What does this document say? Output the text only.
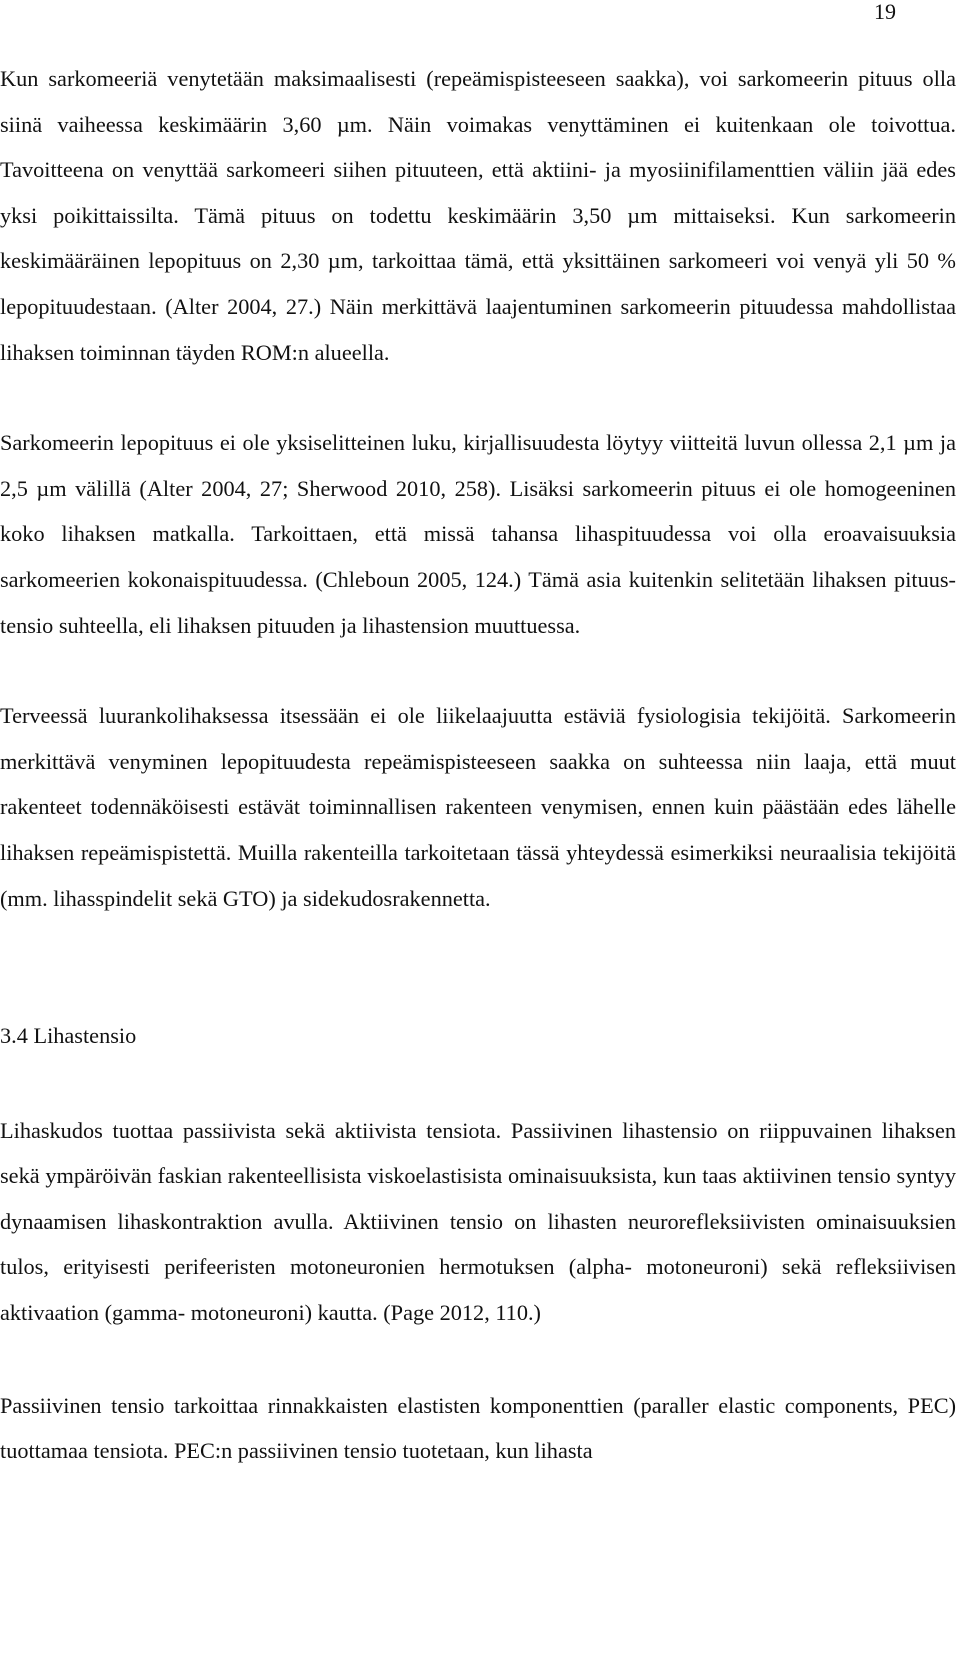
19

Kun sarkomeeriä venytetään maksimaalisesti (repeämispisteeseen saakka), voi sarkomeerin pituus olla siinä vaiheessa keskimäärin 3,60 µm. Näin voimakas venyttäminen ei kuitenkaan ole toivottua. Tavoitteena on venyttää sarkomeeri siihen pituuteen, että aktiini- ja myosiinifilamenttien väliin jää edes yksi poikittaissilta. Tämä pituus on todettu keskimäärin 3,50 µm mittaiseksi. Kun sarkomeerin keskimääräinen lepopituus on 2,30 µm, tarkoittaa tämä, että yksittäinen sarkomeeri voi venyä yli 50 % lepopituudestaan. (Alter 2004, 27.) Näin merkittävä laajentuminen sarkomeerin pituudessa mahdollistaa lihaksen toiminnan täyden ROM:n alueella.

Sarkomeerin lepopituus ei ole yksiselitteinen luku, kirjallisuudesta löytyy viitteitä luvun ollessa 2,1 µm ja 2,5 µm välillä (Alter 2004, 27; Sherwood 2010, 258). Lisäksi sarkomeerin pituus ei ole homogeeninen koko lihaksen matkalla. Tarkoittaen, että missä tahansa lihaspituudessa voi olla eroavaisuuksia sarkomeerien kokonaispituudessa. (Chleboun 2005, 124.) Tämä asia kuitenkin selitetään lihaksen pituus-tensio suhteella, eli lihaksen pituuden ja lihastension muuttuessa.

Terveessä luurankolihaksessa itsessään ei ole liikelaajuutta estäviä fysiologisia tekijöitä. Sarkomeerin merkittävä venyminen lepopituudesta repeämispisteeseen saakka on suhteessa niin laaja, että muut rakenteet todennäköisesti estävät toiminnallisen rakenteen venymisen, ennen kuin päästään edes lähelle lihaksen repeämispistettä. Muilla rakenteilla tarkoitetaan tässä yhteydessä esimerkiksi neuraalisia tekijöitä (mm. lihasspindelit sekä GTO) ja sidekudosrakennetta.

3.4 Lihastensio

Lihaskudos tuottaa passiivista sekä aktiivista tensiota. Passiivinen lihastensio on riippuvainen lihaksen sekä ympäröivän faskian rakenteellisista viskoelastisista ominaisuuksista, kun taas aktiivinen tensio syntyy dynaamisen lihaskontraktion avulla. Aktiivinen tensio on lihasten neurorefleksiivisten ominaisuuksien tulos, erityisesti perifeeristen motoneuronien hermotuksen (alpha- motoneuroni) sekä refleksiivisen aktivaation (gamma- motoneuroni) kautta. (Page 2012, 110.)

Passiivinen tensio tarkoittaa rinnakkaisten elastisten komponenttien (paraller elastic components, PEC) tuottamaa tensiota. PEC:n passiivinen tensio tuotetaan, kun lihasta
